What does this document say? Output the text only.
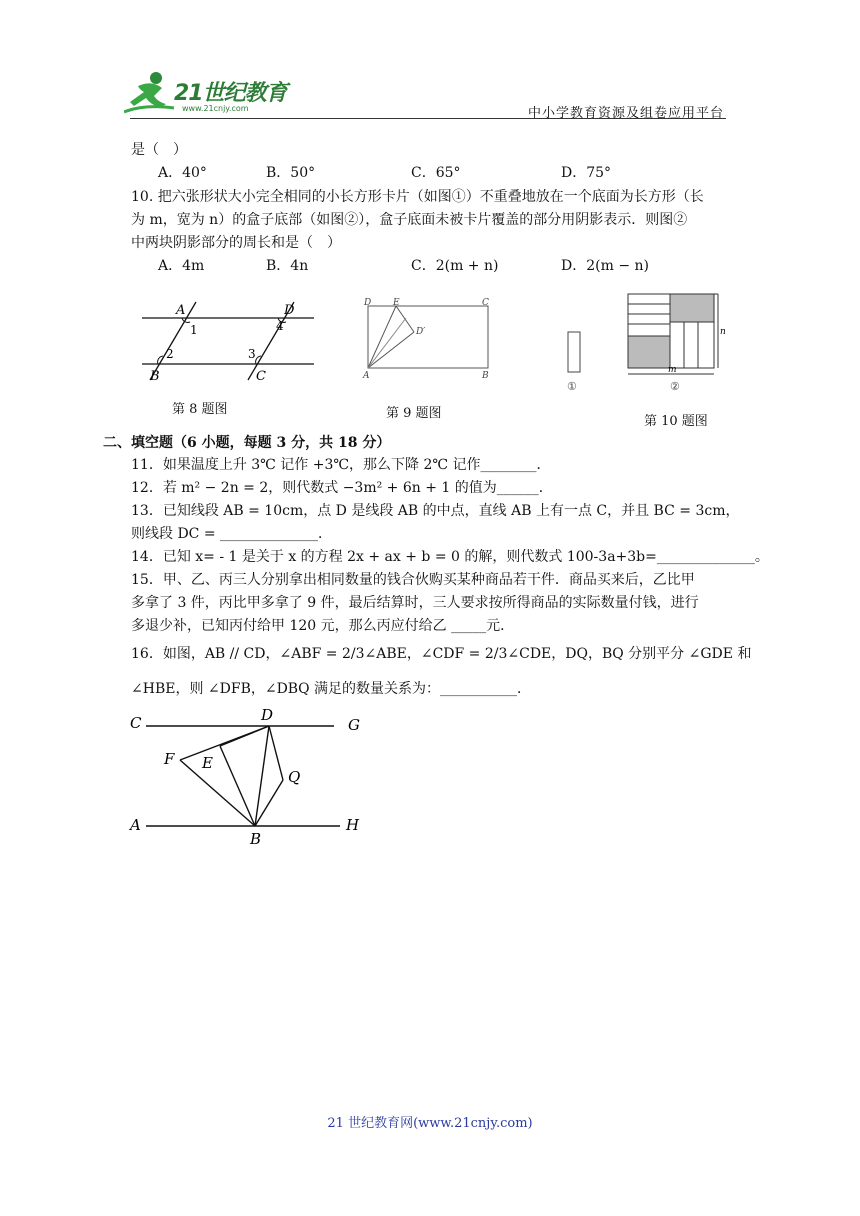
21世纪教育
www.21cnjy.com	中小学教育资源及组卷应用平台
是（　）
A．40°	B．50°	C．65°	D．75°
10. 把六张形状大小完全相同的小长方形卡片（如图①）不重叠地放在一个底面为长方形（长
为 m，宽为 n）的盒子底部（如图②），盒子底面未被卡片覆盖的部分用阴影表示．则图②
中两块阴影部分的周长和是（　）
A．4m	B．4n	C．2(m + n)	D．2(m − n)
A	D
1	4
2	3
B	C
第 8 题图
D E	C
D′
A	B
第 9 题图
①
n
m
②
第 10 题图
二、填空题（6 小题，每题 3 分，共 18 分）
11．如果温度上升 3℃ 记作 +3℃，那么下降 2℃ 记作________．
12．若 m² − 2n = 2，则代数式 −3m² + 6n + 1 的值为______．
13．已知线段 AB = 10cm，点 D 是线段 AB 的中点，直线 AB 上有一点 C，并且 BC = 3cm，
则线段 DC = ______________．
14．已知 x= - 1 是关于 x 的方程 2x + ax + b = 0 的解，则代数式 100-3a+3b=______________。
15．甲、乙、丙三人分别拿出相同数量的钱合伙购买某种商品若干件．商品买来后，乙比甲
多拿了 3 件，丙比甲多拿了 9 件，最后结算时，三人要求按所得商品的实际数量付钱，进行
多退少补，已知丙付给甲 120 元，那么丙应付给乙 _____元．
16．如图，AB // CD，∠ABF = 2/3∠ABE，∠CDF = 2/3∠CDE，DQ，BQ 分别平分 ∠GDE 和
∠HBE，则 ∠DFB，∠DBQ 满足的数量关系为：___________．
C	D
G
F E
Q
A
B
H
21 世纪教育网(www.21cnjy.com)
